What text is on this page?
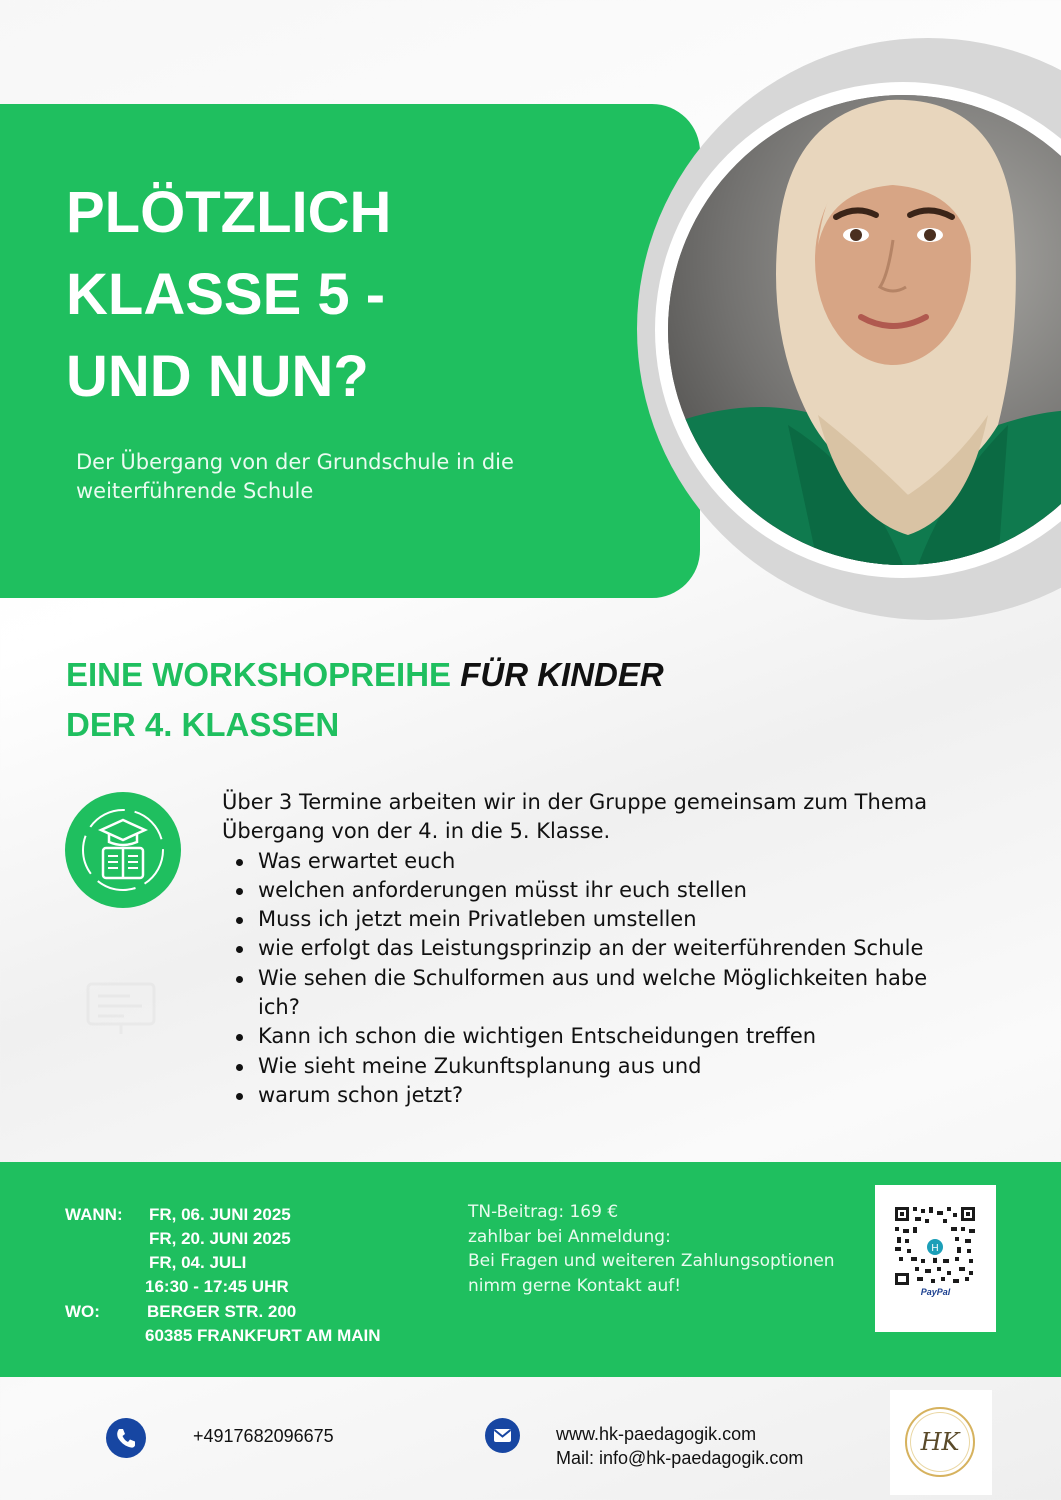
PLÖTZLICH
KLASSE 5 -
UND NUN?
Der Übergang von der Grundschule in die
weiterführende Schule
EINE WORKSHOPREIHE FÜR KINDER
DER 4. KLASSEN
Über 3 Termine arbeiten wir in der Gruppe gemeinsam zum Thema
Übergang von der 4. in die 5. Klasse.
Was erwartet euch
welchen anforderungen müsst ihr euch stellen
Muss ich jetzt mein Privatleben umstellen
wie erfolgt das Leistungsprinzip an der weiterführenden Schule
Wie sehen die Schulformen aus und welche Möglichkeiten habe ich?
Kann ich schon die wichtigen Entscheidungen treffen
Wie sieht meine Zukunftsplanung aus und
warum schon jetzt?
WANN: FR, 06. JUNI 2025
FR, 20. JUNI 2025
FR, 04. JULI
16:30 - 17:45 UHR
WO:	BERGER STR. 200
60385 FRANKFURT AM MAIN
TN-Beitrag: 169 €
zahlbar bei Anmeldung:
Bei Fragen und weiteren Zahlungsoptionen
nimm gerne Kontakt auf!
H
PayPal
+4917682096675	www.hk-paedagogik.com
Mail: info@hk-paedagogik.com
HK
